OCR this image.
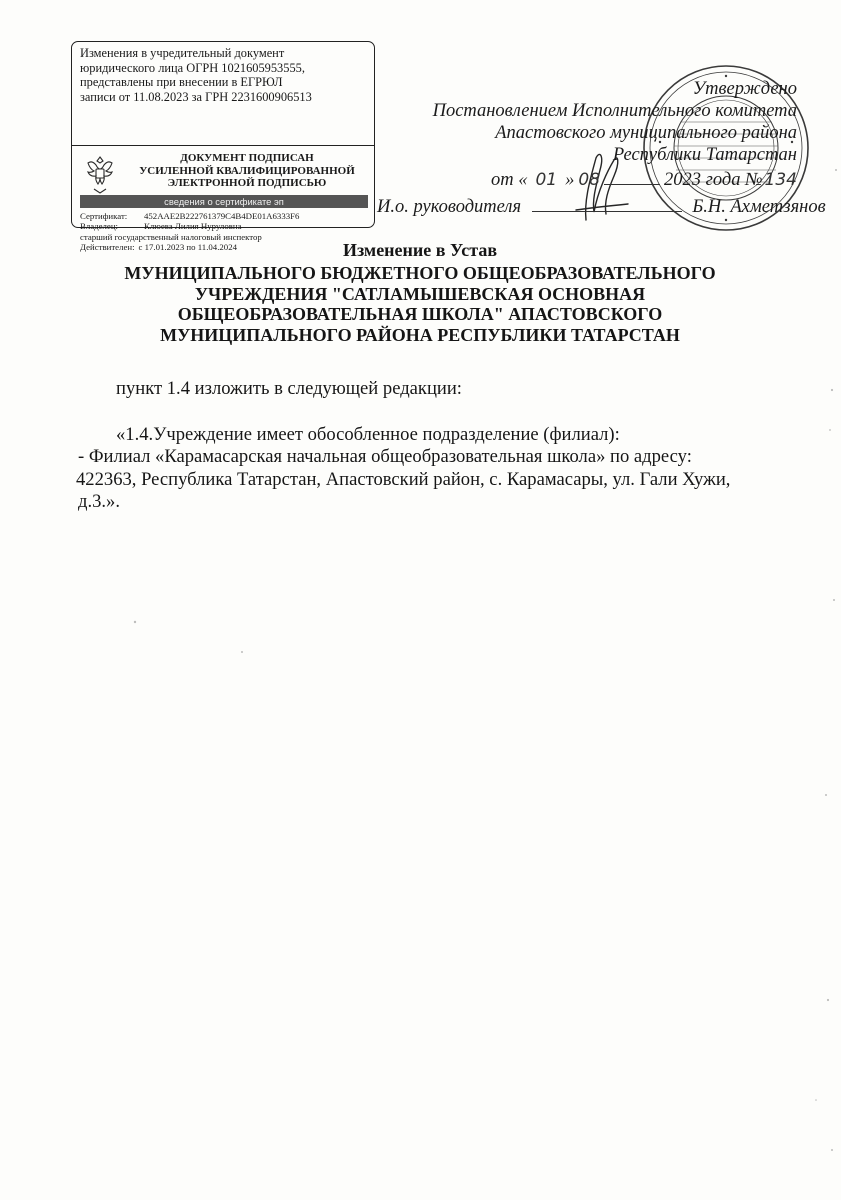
Изменения в учредительный документ
юридического лица ОГРН 1021605953555,
представлены при внесении в ЕГРЮЛ
записи от 11.08.2023 за ГРН 2231600906513
ДОКУМЕНТ ПОДПИСАН
УСИЛЕННОЙ КВАЛИФИЦИРОВАННОЙ
ЭЛЕКТРОННОЙ ПОДПИСЬЮ
сведения о сертификате эп
Сертификат:	452AAE2B222761379C4B4DE01A6333F6
Владелец:	Клюева Лилия Нуруловна
старший государственный налоговый инспектор
Действителен: с 17.01.2023 по 11.04.2024
Утверждено
Постановлением Исполнительного комитета
Апастовского муниципального района
Республики Татарстан
от « 01 » 08	2023 года № 134
И.о. руководителя	Б.Н. Ахметзянов
Изменение в Устав
МУНИЦИПАЛЬНОГО БЮДЖЕТНОГО ОБЩЕОБРАЗОВАТЕЛЬНОГО
УЧРЕЖДЕНИЯ "САТЛАМЫШЕВСКАЯ ОСНОВНАЯ
ОБЩЕОБРАЗОВАТЕЛЬНАЯ ШКОЛА" АПАСТОВСКОГО
МУНИЦИПАЛЬНОГО РАЙОНА РЕСПУБЛИКИ ТАТАРСТАН
пункт 1.4 изложить в следующей редакции:
«1.4.Учреждение имеет обособленное подразделение (филиал):
- Филиал «Карамасарская начальная общеобразовательная школа» по адресу:
422363, Республика Татарстан, Апастовский район, с. Карамасары, ул. Гали Хужи,
д.3.».
